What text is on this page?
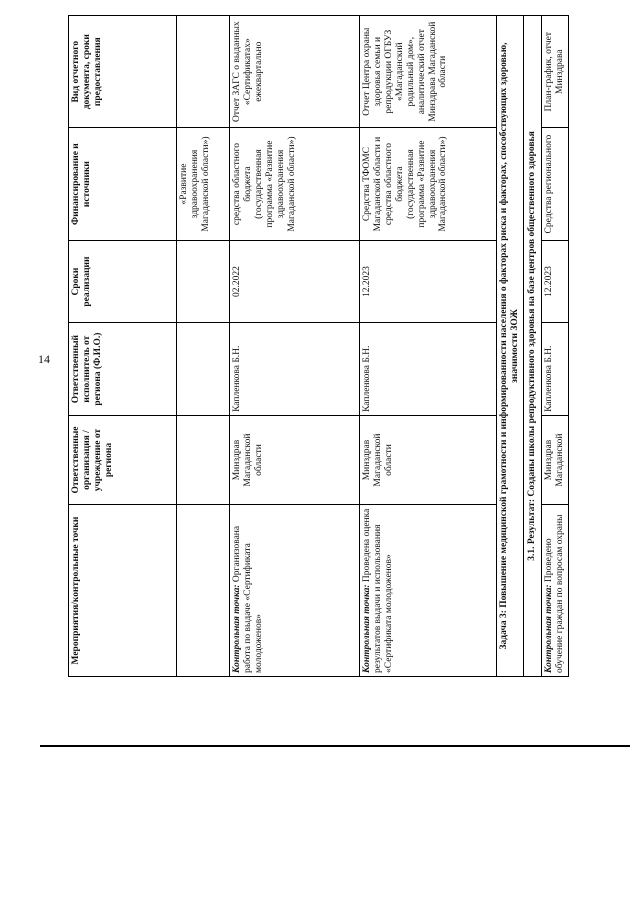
14
Мероприятия/контрольные точки	Ответственные организация / учреждение от региона	Ответственный исполнитель от региона (Ф.И.О.)	Сроки реализации	Финансирование и источники	Вид отчетного документа, сроки предоставления
				«Развитие здравоохранения Магаданской области»)	
Контрольная точка: Организована работа по выдаче «Сертификата молодоженов»	Минздрав Магаданской области	Капленкова Б.Н.	02.2022	средства областного бюджета (государственная программа «Развитие здравоохранения Магаданской области»)	Отчет ЗАГС о выданных «Сертификатах» ежеквартально
Контрольная точка: Проведена оценка результатов выдачи и использования «Сертификата молодоженов»	Минздрав Магаданской области	Капленкова Б.Н.	12.2023	Средства ТФОМС Магаданской области и средства областного бюджета (государственная программа «Развитие здравоохранения Магаданской области»)	Отчет Центра охраны здоровья семьи и репродукции ОГБУЗ «Магаданский родильный дом», аналитический отчет Минздрава Магаданской области
Задача 3: Повышение медицинской грамотности и информированности населения о факторах риска и факторах, способствующих здоровью, значимости ЗОЖ					
3.1. Результат: Созданы школы репродуктивного здоровья на базе центров общественного здоровья					
Контрольная точка: Проведено обучение граждан по вопросам охраны	Минздрав Магаданской	Капленкова Б.Н.	12.2023	Средства регионального	План-график, отчет Минздрава
